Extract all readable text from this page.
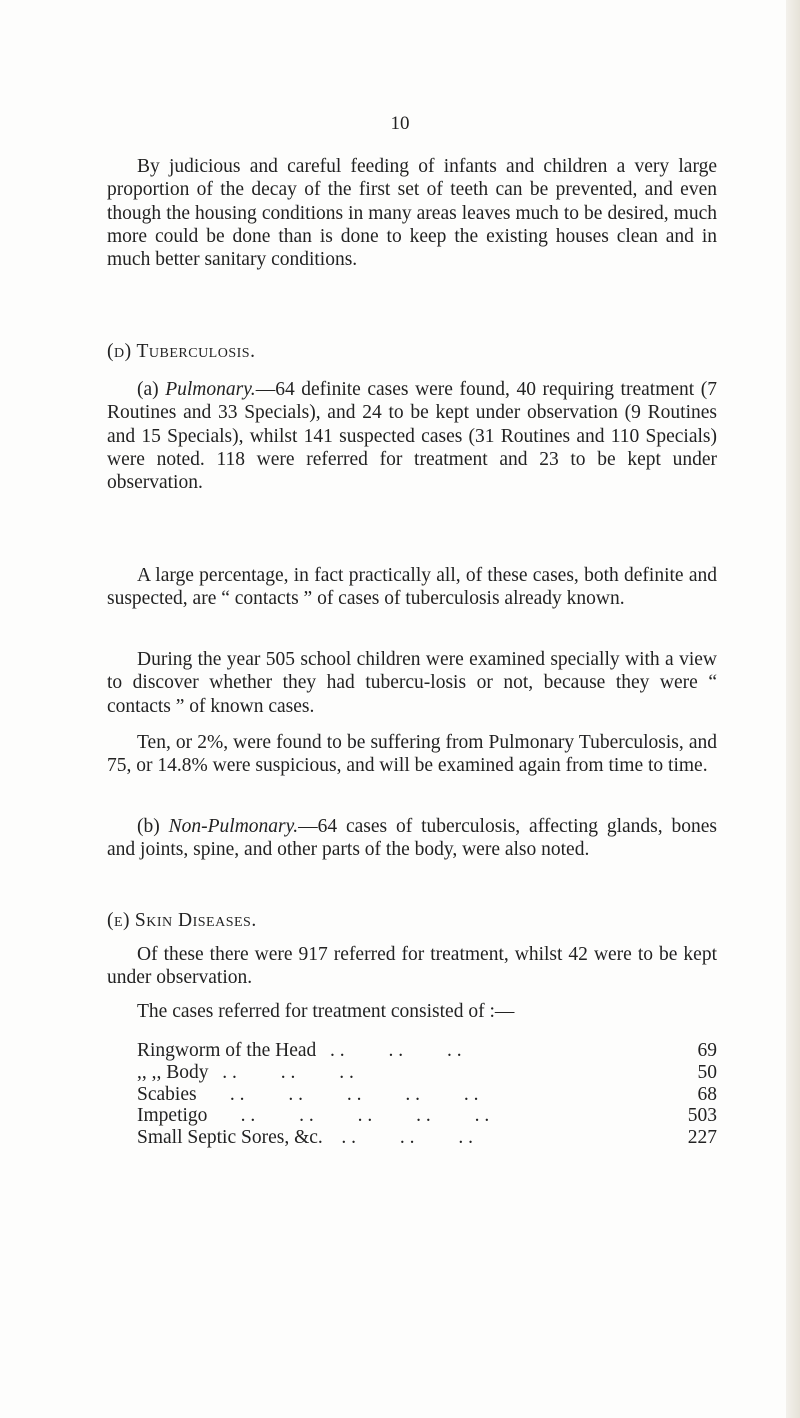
10

By judicious and careful feeding of infants and children a very large proportion of the decay of the first set of teeth can be prevented, and even though the housing conditions in many areas leaves much to be desired, much more could be done than is done to keep the existing houses clean and in much better sanitary conditions.

(d) Tuberculosis.

(a) Pulmonary.—64 definite cases were found, 40 requiring treatment (7 Routines and 33 Specials), and 24 to be kept under observation (9 Routines and 15 Specials), whilst 141 suspected cases (31 Routines and 110 Specials) were noted. 118 were referred for treatment and 23 to be kept under observation.

A large percentage, in fact practically all, of these cases, both definite and suspected, are “ contacts ” of cases of tuberculosis already known.

During the year 505 school children were examined specially with a view to discover whether they had tubercu-losis or not, because they were “ contacts ” of known cases.

Ten, or 2%, were found to be suffering from Pulmonary Tuberculosis, and 75, or 14.8% were suspicious, and will be examined again from time to time.

(b) Non-Pulmonary.—64 cases of tuberculosis, affecting glands, bones and joints, spine, and other parts of the body, were also noted.

(e) Skin Diseases.

Of these there were 917 referred for treatment, whilst 42 were to be kept under observation.

The cases referred for treatment consisted of :—

Ringworm of the Head . .         . .         . .	69
,, ,, Body . .         . .         . .	50
Scabies . .         . .         . .         . .         . .	68
Impetigo . .         . .         . .         . .         . .	503
Small Septic Sores, &c. . .         . .         . .	227
